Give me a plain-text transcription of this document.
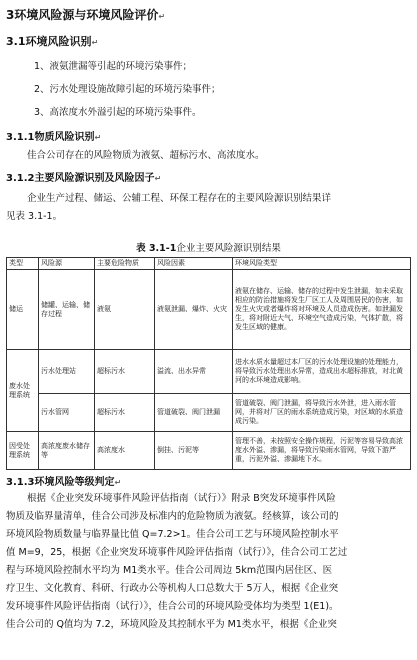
3环境风险源与环境风险评价↵
3.1环境风险识别↵
1、液氨泄漏等引起的环境污染事件；
2、污水处理设施故障引起的环境污染事件；
3、高浓度水外溢引起的环境污染事件。
3.1.1物质风险识别↵
佳合公司存在的风险物质为液氨、超标污水、高浓度水。
3.1.2主要风险源识别及风险因子↵
企业生产过程、储运、公辅工程、环保工程存在的主要风险源识别结果详
见表 3.1-1。
表 3.1-1企业主要风险源识别结果
类型	风险源	主要危险物质	风险因素	环境风险类型
储运	储罐、运输、储存过程	液氨	液氨泄漏、爆炸、火灾	液氨在储存、运输、储存的过程中发生泄漏，如未采取相应的防治措施将发生厂区工人及周围居民的伤害，如发生火灾或者爆炸将对环境及人员造成伤害。如泄漏发生，将对附近大气、环境空气造成污染，气体扩散，将发生区域的健康。
废水处理系统	污水处理站	超标污水	溢流、出水异常	进水水质水量超过本厂区的污水处理设施的处理能力，将导致污水处理出水异常，造成出水超标排放，对北黄河的水环境造成影响。
	污水管网	超标污水	管道破裂、阀门泄漏	管道破裂、阀门泄漏，将导致污水外泄，进入雨水管网，并将对厂区的雨水系统造成污染，对区域的水质造成污染。
因受处理系统	高浓度废水储存等	高浓度水	倒挂、污泥等	管理不善，未按照安全操作规程，污泥等容易导致高浓度水外溢、渗漏，将导致污染雨水管网，导致下游严重，污泥外溢、渗漏地下水。
3.1.3环境风险等级判定↵
根据《企业突发环境事件风险评估指南（试行）》附录 B突发环境事件风险
物质及临界量清单，佳合公司涉及标准内的危险物质为液氨。经核算，该公司的
环境风险物质数量与临界量比值 Q=7.2>1。佳合公司工艺与环境风险控制水平
值 M=9，25，根据《企业突发环境事件风险评估指南（试行）》，佳合公司工艺过
程与环境风险控制水平均为 M1类水平。佳合公司周边 5km范围内居住区、医
疗卫生、文化教育、科研、行政办公等机构人口总数大于 5万人，根据《企业突
发环境事件风险评估指南（试行）》，佳合公司的环境风险受体均为类型 1(E1)。
佳合公司的 Q值均为 7.2，环境风险及其控制水平为 M1类水平，根据《企业突
